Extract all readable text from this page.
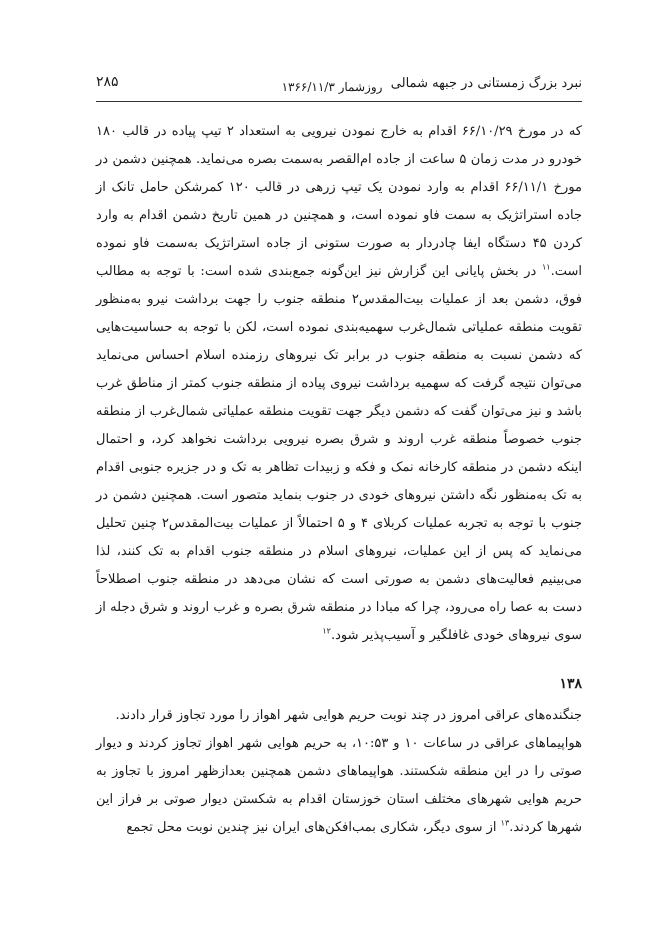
نبرد بزرگ زمستانی در جبهه شمالی
روزشمار ۱۳۶۶/۱۱/۳
۲۸۵

که در مورخ ۶۶/۱۰/۲۹ اقدام به خارج نمودن نیرویی به استعداد ۲ تیپ پیاده در قالب ۱۸۰ خودرو در مدت زمان ۵ ساعت از جاده ام‌القصر به‌سمت بصره می‌نماید. همچنین دشمن در مورخ ۶۶/۱۱/۱ اقدام به وارد نمودن یک تیپ زرهی در قالب ۱۲۰ کمرشکن حامل تانک از جاده استراتژیک به سمت فاو نموده است، و همچنین در همین تاریخ دشمن اقدام به وارد کردن ۴۵ دستگاه ایفا چادردار به صورت ستونی از جاده استراتژیک به‌سمت فاو نموده است.$^{۱۱}$ در بخش پایانی این گزارش نیز این‌گونه جمع‌بندی شده است: با توجه به مطالب فوق، دشمن بعد از عملیات بیت‌المقدس۲ منطقه جنوب را جهت برداشت نیرو به‌منظور تقویت منطقه عملیاتی شمال‌غرب سهمیه‌بندی نموده است، لکن با توجه به حساسیت‌هایی که دشمن نسبت به منطقه جنوب در برابر تک نیروهای رزمنده اسلام احساس می‌نماید می‌توان نتیجه گرفت که سهمیه برداشت نیروی پیاده از منطقه جنوب کمتر از مناطق غرب باشد و نیز می‌توان گفت که دشمن دیگر جهت تقویت منطقه عملیاتی شمال‌غرب از منطقه جنوب خصوصاً منطقه غرب اروند و شرق بصره نیرویی برداشت نخواهد کرد، و احتمال اینکه دشمن در منطقه کارخانه نمک و فکه و زبیدات تظاهر به تک و در جزیره جنوبی اقدام به تک به‌منظور نگه داشتن نیروهای خودی در جنوب بنماید متصور است. همچنین دشمن در جنوب با توجه به تجربه عملیات کربلای ۴ و ۵ احتمالاً از عملیات بیت‌المقدس۲ چنین تحلیل می‌نماید که پس از این عملیات، نیروهای اسلام در منطقه جنوب اقدام به تک کنند، لذا می‌بینیم فعالیت‌های دشمن به صورتی است که نشان می‌دهد در منطقه جنوب اصطلاحاً دست به عصا راه می‌رود، چرا که مبادا در منطقه شرق بصره و غرب اروند و شرق دجله از سوی نیروهای خودی غافلگیر و آسیب‌پذیر شود.$^{۱۲}$

۱۳۸

جنگنده‌های عراقی امروز در چند نوبت حریم هوایی شهر اهواز را مورد تجاوز قرار دادند.

هواپیماهای عراقی در ساعات ۱۰ و ۱۰:۵۳، به حریم هوایی شهر اهواز تجاوز کردند و دیوار صوتی را در این منطقه شکستند. هواپیماهای دشمن همچنین بعدازظهر امروز با تجاوز به حریم هوایی شهرهای مختلف استان خوزستان اقدام به شکستن دیوار صوتی بر فراز این شهرها کردند.$^{۱۳}$ از سوی دیگر، شکاری بمب‌افکن‌های ایران نیز چندین نوبت محل تجمع
